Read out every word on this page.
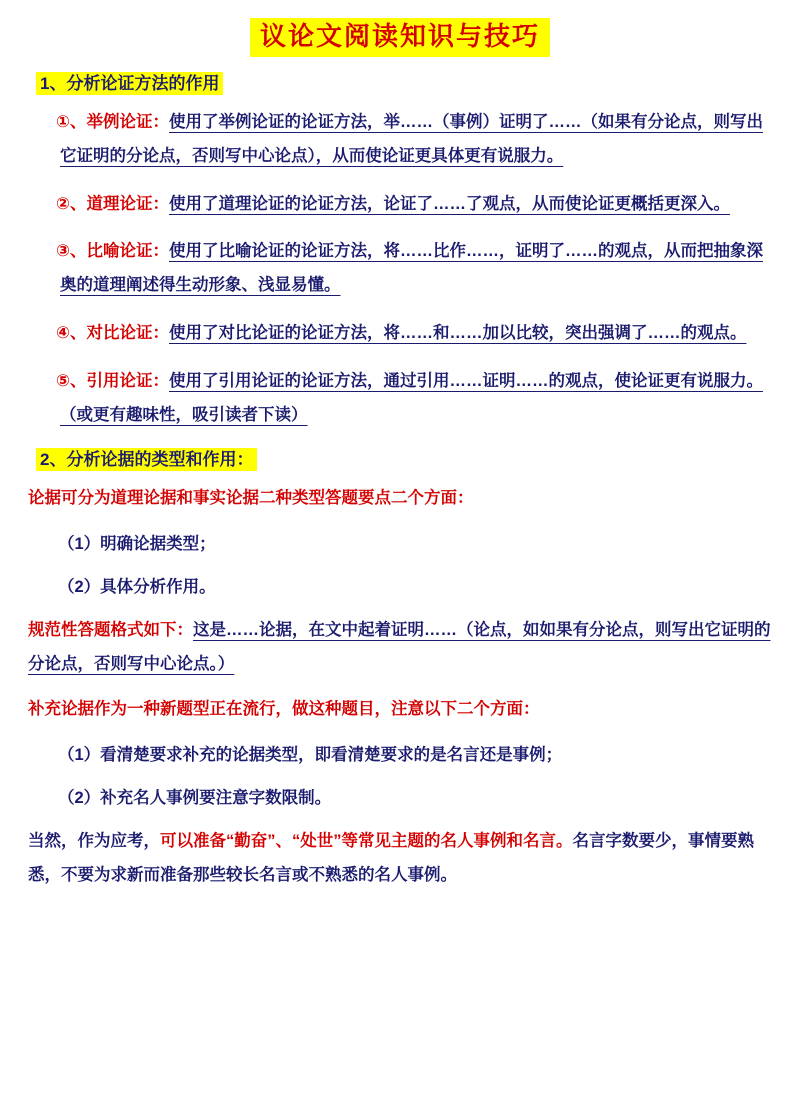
议论文阅读知识与技巧
1、分析论证方法的作用

①、举例论证：使用了举例论证的论证方法，举……（事例）证明了……（如果有分论点，则写出它证明的分论点，否则写中心论点），从而使论证更具体更有说服力。

②、道理论证：使用了道理论证的论证方法，论证了……了观点，从而使论证更概括更深入。

③、比喻论证：使用了比喻论证的论证方法，将……比作……，证明了……的观点，从而把抽象深奥的道理阐述得生动形象、浅显易懂。

④、对比论证：使用了对比论证的论证方法，将……和……加以比较，突出强调了……的观点。

⑤、引用论证：使用了引用论证的论证方法，通过引用……证明……的观点，使论证更有说服力。（或更有趣味性，吸引读者下读）

2、分析论据的类型和作用：

论据可分为道理论据和事实论据二种类型答题要点二个方面：

（1）明确论据类型；

（2）具体分析作用。

规范性答题格式如下：这是……论据，在文中起着证明……（论点，如如果有分论点，则写出它证明的分论点，否则写中心论点。）

补充论据作为一种新题型正在流行，做这种题目，注意以下二个方面：

（1）看清楚要求补充的论据类型，即看清楚要求的是名言还是事例；

（2）补充名人事例要注意字数限制。

当然，作为应考，可以准备“勤奋”、“处世”等常见主题的名人事例和名言。名言字数要少，事情要熟悉，不要为求新而准备那些较长名言或不熟悉的名人事例。
